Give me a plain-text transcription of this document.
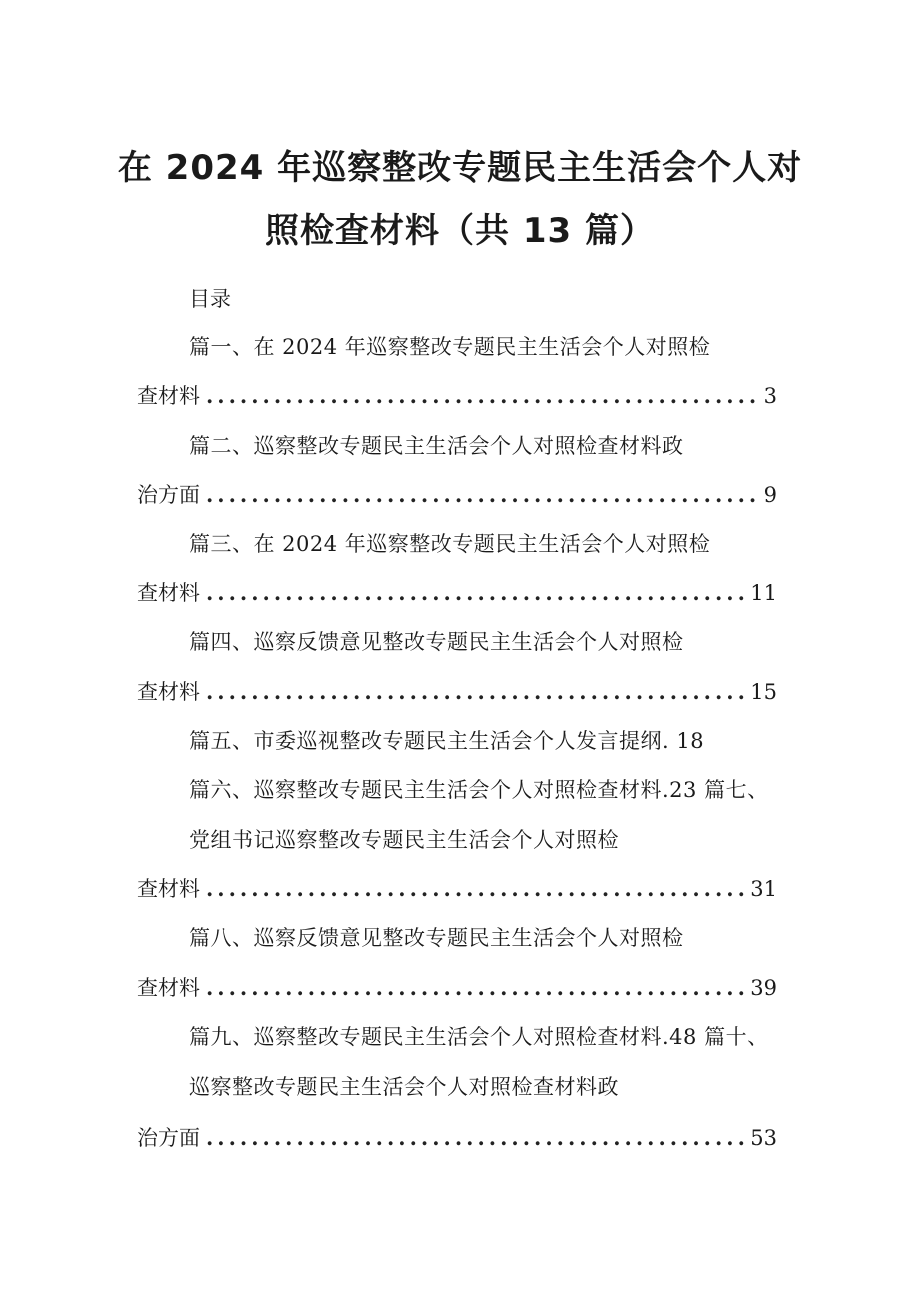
在 2024 年巡察整改专题民主生活会个人对
照检查材料（共 13 篇）
目录
篇一、在 2024 年巡察整改专题民主生活会个人对照检
查材料 .....	3
篇二、巡察整改专题民主生活会个人对照检查材料政
治方面 .....	9
篇三、在 2024 年巡察整改专题民主生活会个人对照检
查材料 .....	11
篇四、巡察反馈意见整改专题民主生活会个人对照检
查材料 .....	15
篇五、市委巡视整改专题民主生活会个人发言提纲. 18
篇六、巡察整改专题民主生活会个人对照检查材料.23 篇七、
党组书记巡察整改专题民主生活会个人对照检
查材料 .....	31
篇八、巡察反馈意见整改专题民主生活会个人对照检
查材料 .....	39
篇九、巡察整改专题民主生活会个人对照检查材料.48 篇十、
巡察整改专题民主生活会个人对照检查材料政
治方面 .....	53
